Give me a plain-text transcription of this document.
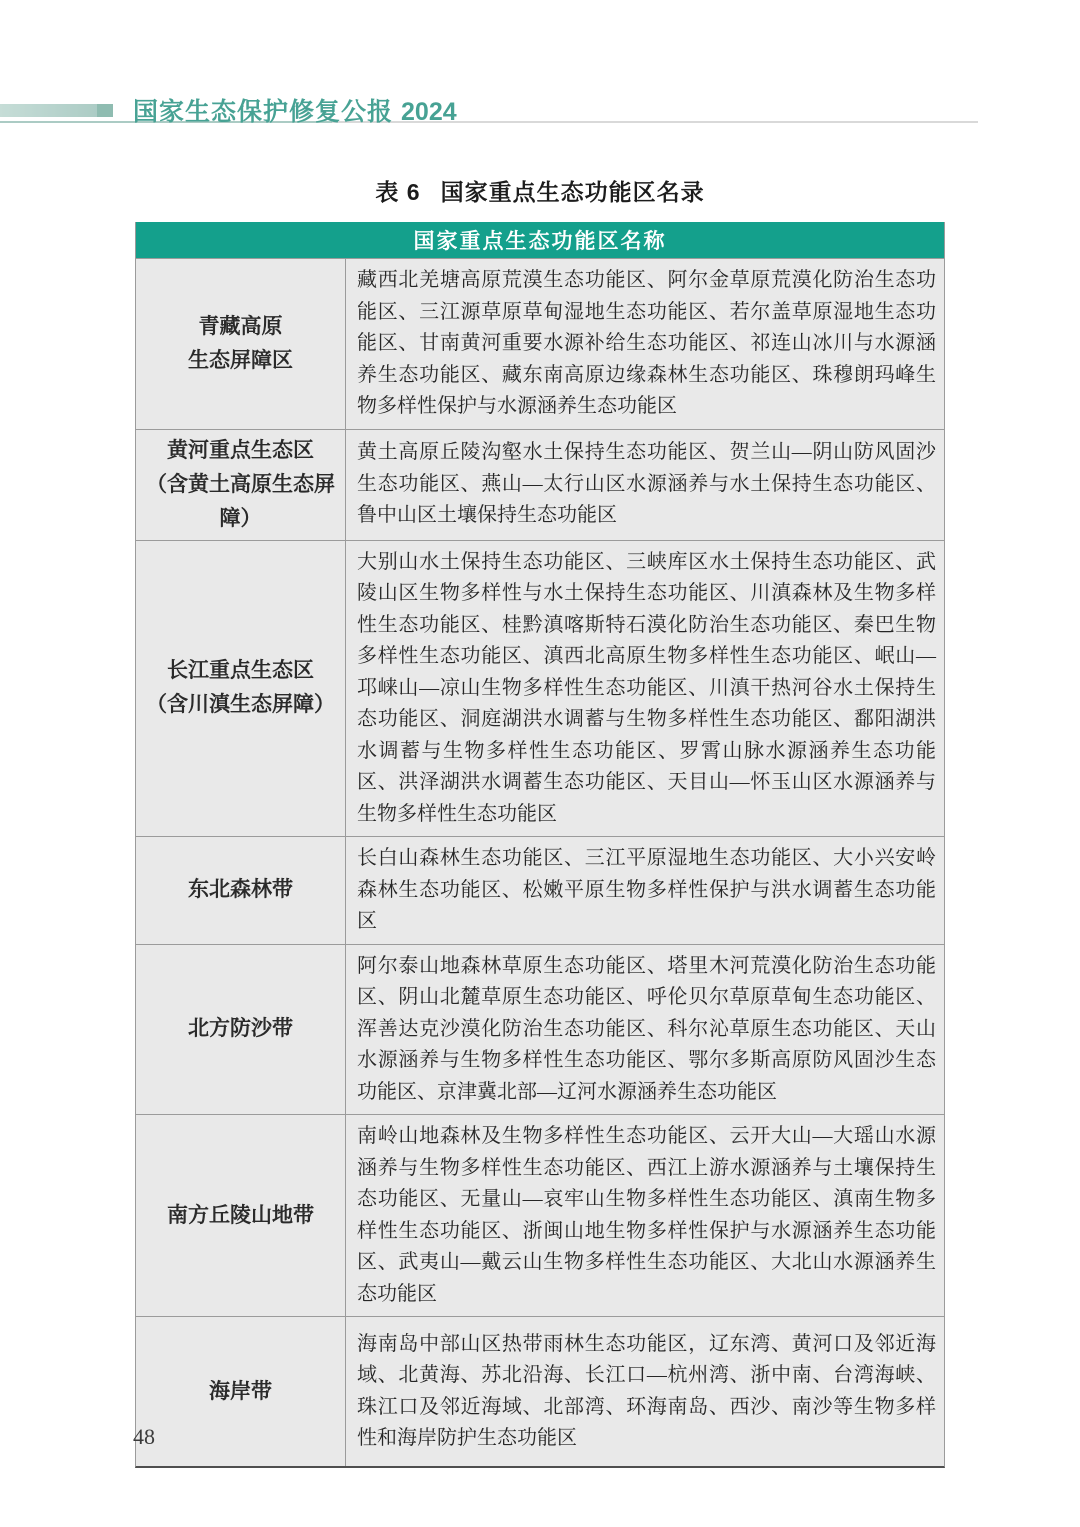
国家生态保护修复公报 2024
表 6 国家重点生态功能区名录
国家重点生态功能区名称
青藏高原
生态屏障区

藏西北羌塘高原荒漠生态功能区、阿尔金草原荒漠化防治生态功能区、三江源草原草甸湿地生态功能区、若尔盖草原湿地生态功能区、甘南黄河重要水源补给生态功能区、祁连山冰川与水源涵养生态功能区、藏东南高原边缘森林生态功能区、珠穆朗玛峰生物多样性保护与水源涵养生态功能区

黄河重点生态区
（含黄土高原生态屏障）

黄土高原丘陵沟壑水土保持生态功能区、贺兰山—阴山防风固沙生态功能区、燕山—太行山区水源涵养与水土保持生态功能区、鲁中山区土壤保持生态功能区

长江重点生态区
（含川滇生态屏障）

大别山水土保持生态功能区、三峡库区水土保持生态功能区、武陵山区生物多样性与水土保持生态功能区、川滇森林及生物多样性生态功能区、桂黔滇喀斯特石漠化防治生态功能区、秦巴生物多样性生态功能区、滇西北高原生物多样性生态功能区、岷山—邛崃山—凉山生物多样性生态功能区、川滇干热河谷水土保持生态功能区、洞庭湖洪水调蓄与生物多样性生态功能区、鄱阳湖洪水调蓄与生物多样性生态功能区、罗霄山脉水源涵养生态功能区、洪泽湖洪水调蓄生态功能区、天目山—怀玉山区水源涵养与生物多样性生态功能区

东北森林带

长白山森林生态功能区、三江平原湿地生态功能区、大小兴安岭森林生态功能区、松嫩平原生物多样性保护与洪水调蓄生态功能区

北方防沙带

阿尔泰山地森林草原生态功能区、塔里木河荒漠化防治生态功能区、阴山北麓草原生态功能区、呼伦贝尔草原草甸生态功能区、浑善达克沙漠化防治生态功能区、科尔沁草原生态功能区、天山水源涵养与生物多样性生态功能区、鄂尔多斯高原防风固沙生态功能区、京津冀北部—辽河水源涵养生态功能区

南方丘陵山地带

南岭山地森林及生物多样性生态功能区、云开大山—大瑶山水源涵养与生物多样性生态功能区、西江上游水源涵养与土壤保持生态功能区、无量山—哀牢山生物多样性生态功能区、滇南生物多样性生态功能区、浙闽山地生物多样性保护与水源涵养生态功能区、武夷山—戴云山生物多样性生态功能区、大北山水源涵养生态功能区

海岸带

海南岛中部山区热带雨林生态功能区，辽东湾、黄河口及邻近海域、北黄海、苏北沿海、长江口—杭州湾、浙中南、台湾海峡、珠江口及邻近海域、北部湾、环海南岛、西沙、南沙等生物多样性和海岸防护生态功能区

48
